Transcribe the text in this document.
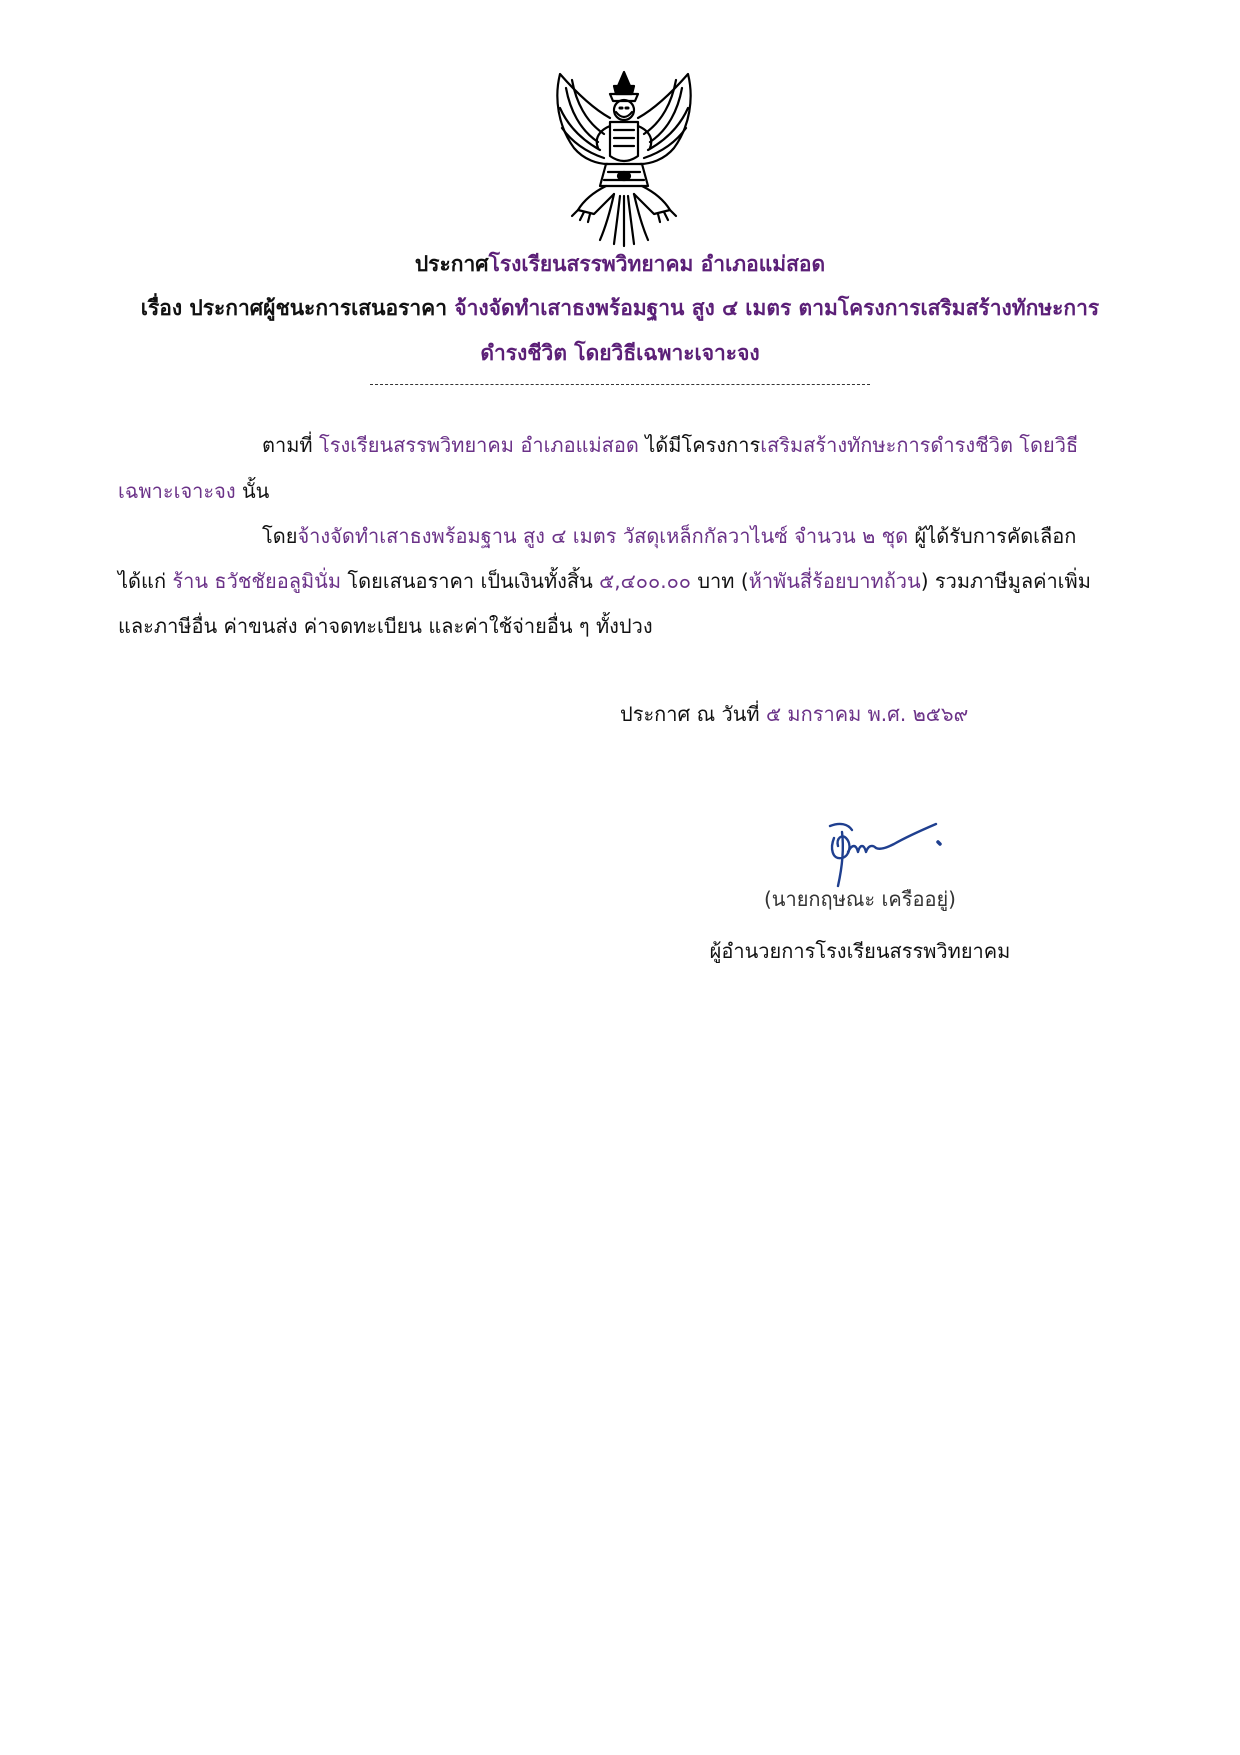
ประกาศโรงเรียนสรรพวิทยาคม อำเภอแม่สอด
เรื่อง ประกาศผู้ชนะการเสนอราคา จ้างจัดทำเสาธงพร้อมฐาน สูง ๔ เมตร ตามโครงการเสริมสร้างทักษะการ
ดำรงชีวิต โดยวิธีเฉพาะเจาะจง
ตามที่ โรงเรียนสรรพวิทยาคม อำเภอแม่สอด ได้มีโครงการเสริมสร้างทักษะการดำรงชีวิต โดยวิธี
เฉพาะเจาะจง นั้น
โดยจ้างจัดทำเสาธงพร้อมฐาน สูง ๔ เมตร วัสดุเหล็กกัลวาไนซ์ จำนวน ๒ ชุด ผู้ได้รับการคัดเลือก
ได้แก่ ร้าน ธวัชชัยอลูมินั่ม โดยเสนอราคา เป็นเงินทั้งสิ้น ๕,๔๐๐.๐๐ บาท (ห้าพันสี่ร้อยบาทถ้วน) รวมภาษีมูลค่าเพิ่ม
และภาษีอื่น ค่าขนส่ง ค่าจดทะเบียน และค่าใช้จ่ายอื่น ๆ ทั้งปวง
ประกาศ ณ วันที่ ๕ มกราคม พ.ศ. ๒๕๖๙
(นายกฤษณะ เครืออยู่)
ผู้อำนวยการโรงเรียนสรรพวิทยาคม
